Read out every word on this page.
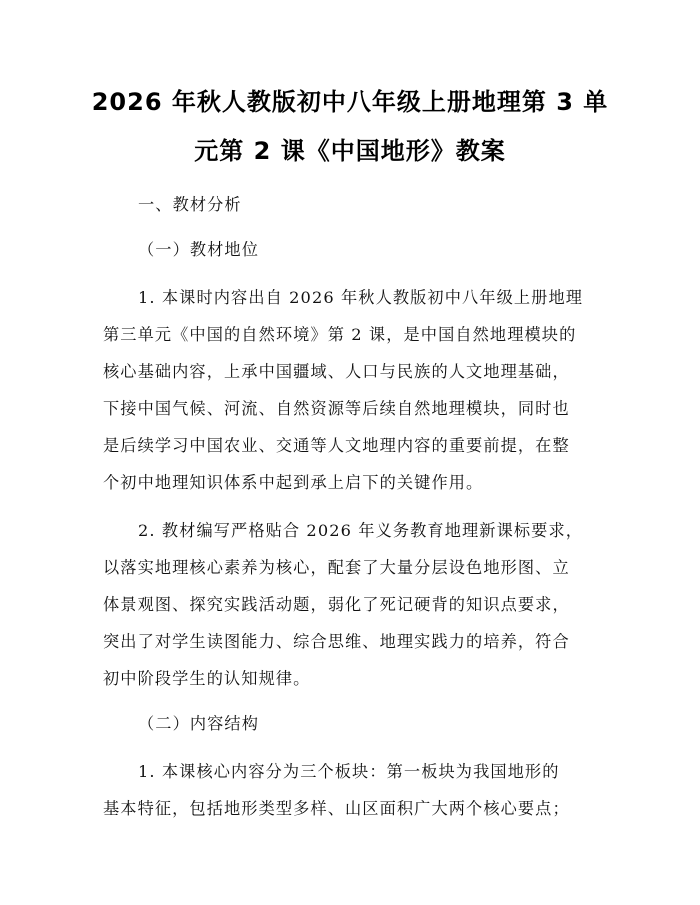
2026 年秋人教版初中八年级上册地理第 3 单
元第 2 课《中国地形》教案
一、教材分析
（一）教材地位
1. 本课时内容出自 2026 年秋人教版初中八年级上册地理
第三单元《中国的自然环境》第 2 课，是中国自然地理模块的
核心基础内容，上承中国疆域、人口与民族的人文地理基础，
下接中国气候、河流、自然资源等后续自然地理模块，同时也
是后续学习中国农业、交通等人文地理内容的重要前提，在整
个初中地理知识体系中起到承上启下的关键作用。
2. 教材编写严格贴合 2026 年义务教育地理新课标要求，
以落实地理核心素养为核心，配套了大量分层设色地形图、立
体景观图、探究实践活动题，弱化了死记硬背的知识点要求，
突出了对学生读图能力、综合思维、地理实践力的培养，符合
初中阶段学生的认知规律。
（二）内容结构
1. 本课核心内容分为三个板块：第一板块为我国地形的
基本特征，包括地形类型多样、山区面积广大两个核心要点；
